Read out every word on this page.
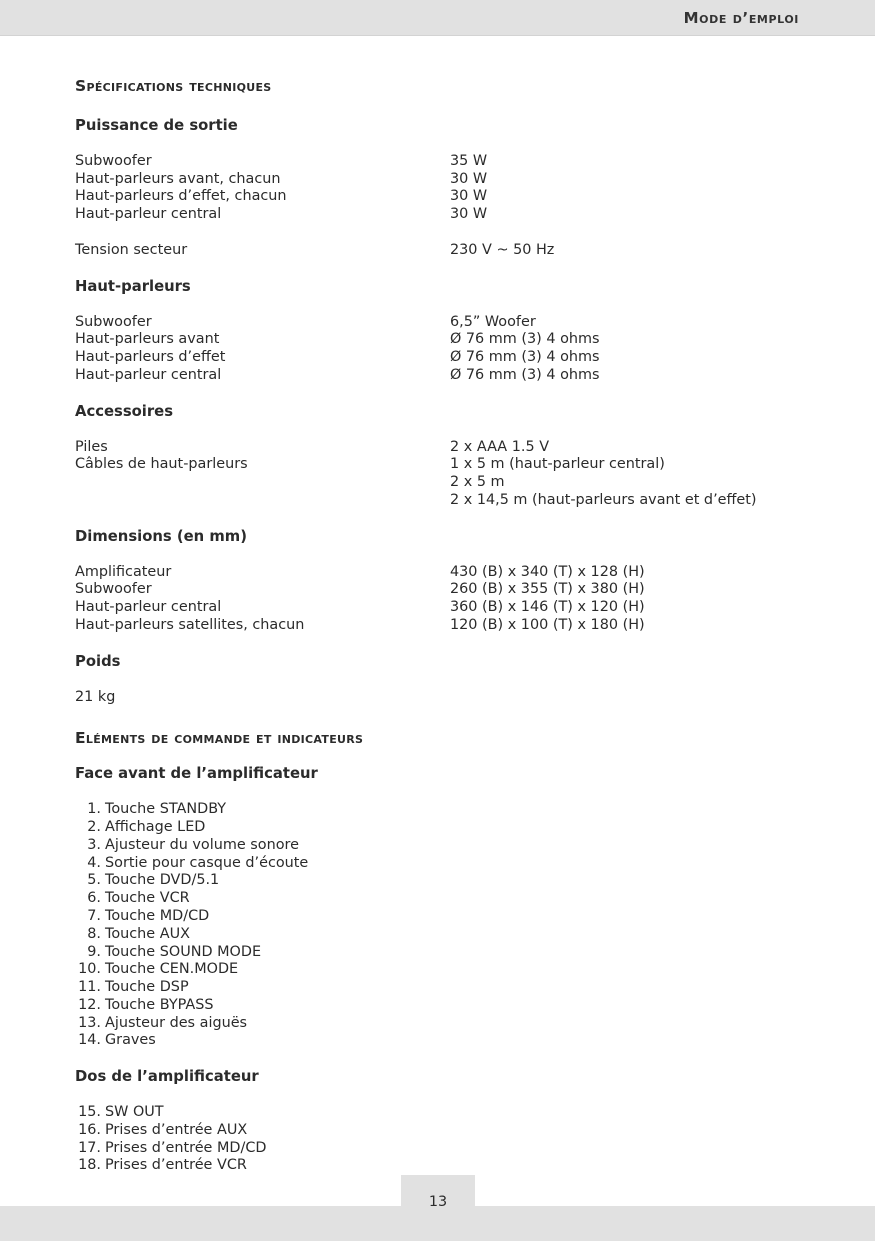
Mode d’emploi
Spécifications techniques
Puissance de sortie
Subwoofer	35 W
Haut-parleurs avant, chacun	30 W
Haut-parleurs d’effet, chacun	30 W
Haut-parleur central	30 W
Tension secteur	230 V ~ 50 Hz
Haut-parleurs
Subwoofer	6,5” Woofer
Haut-parleurs avant	Ø 76 mm (3) 4 ohms
Haut-parleurs d’effet	Ø 76 mm (3) 4 ohms
Haut-parleur central	Ø 76 mm (3) 4 ohms
Accessoires
Piles	2 x AAA 1.5 V
Câbles de haut-parleurs	1 x 5 m (haut-parleur central)
2 x 5 m
2 x 14,5 m (haut-parleurs avant et d’effet)
Dimensions (en mm)
Amplificateur	430 (B) x 340 (T) x 128 (H)
Subwoofer	260 (B) x 355 (T) x 380 (H)
Haut-parleur central	360 (B) x 146 (T) x 120 (H)
Haut-parleurs satellites, chacun	120 (B) x 100 (T) x 180 (H)
Poids
21 kg
Eléments de commande et indicateurs
Face avant de l’amplificateur
1. Touche STANDBY
2. Affichage LED
3. Ajusteur du volume sonore
4. Sortie pour casque d’écoute
5. Touche DVD/5.1
6. Touche VCR
7. Touche MD/CD
8. Touche AUX
9. Touche SOUND MODE
10. Touche CEN.MODE
11. Touche DSP
12. Touche BYPASS
13. Ajusteur des aiguës
14. Graves
Dos de l’amplificateur
15. SW OUT
16. Prises d’entrée AUX
17. Prises d’entrée MD/CD
18. Prises d’entrée VCR
13
